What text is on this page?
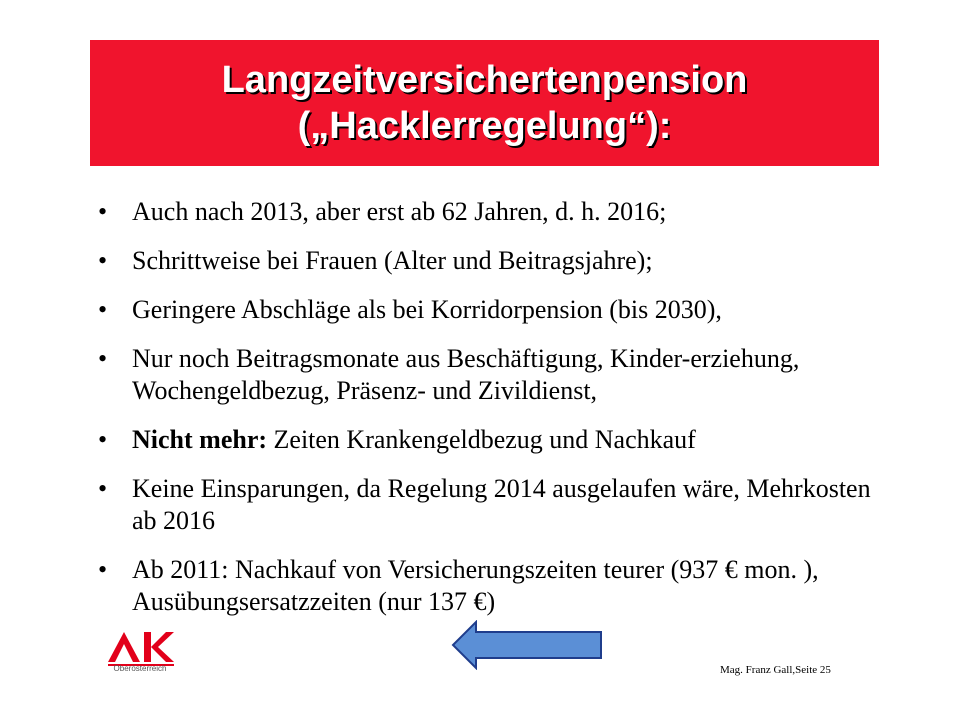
Langzeitversichertenpension
(„Hacklerregelung“):
• Auch nach 2013, aber erst ab 62 Jahren, d. h. 2016;
• Schrittweise bei Frauen (Alter und Beitragsjahre);
• Geringere Abschläge als bei Korridorpension (bis 2030),
• Nur noch Beitragsmonate aus Beschäftigung, Kinder-erziehung, Wochengeldbezug, Präsenz- und Zivildienst,
• Nicht mehr: Zeiten Krankengeldbezug und Nachkauf
• Keine Einsparungen, da Regelung 2014 ausgelaufen wäre, Mehrkosten ab 2016
• Ab 2011: Nachkauf von Versicherungszeiten teurer (937 € mon. ), Ausübungsersatzzeiten (nur 137 €)
Oberösterreich	Mag. Franz Gall,Seite 25
